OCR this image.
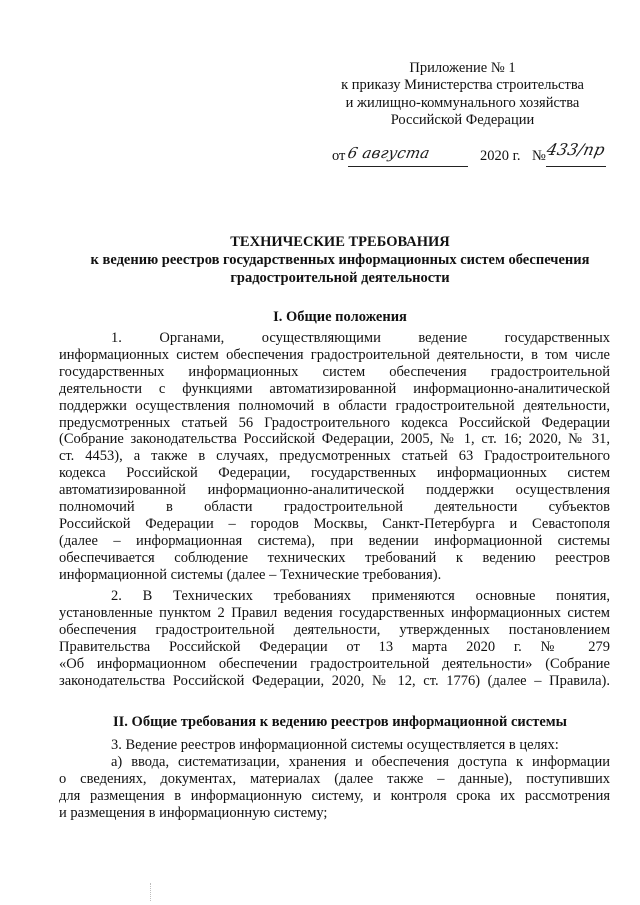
Приложение № 1
к приказу Министерства строительства
и жилищно-коммунального хозяйства
Российской Федерации
от 6 августа	2020 г. № 433/пр
ТЕХНИЧЕСКИЕ ТРЕБОВАНИЯ
к ведению реестров государственных информационных систем обеспечения
градостроительной деятельности
I. Общие положения
1. Органами, осуществляющими ведение государственных
информационных систем обеспечения градостроительной деятельности, в том числе
государственных информационных систем обеспечения градостроительной
деятельности с функциями автоматизированной информационно-аналитической
поддержки осуществления полномочий в области градостроительной деятельности,
предусмотренных статьей 56 Градостроительного кодекса Российской Федерации
(Собрание законодательства Российской Федерации, 2005, № 1, ст. 16; 2020, № 31,
ст. 4453), а также в случаях, предусмотренных статьей 63 Градостроительного
кодекса Российской Федерации, государственных информационных систем
автоматизированной информационно-аналитической поддержки осуществления
полномочий в области градостроительной деятельности субъектов
Российской Федерации – городов Москвы, Санкт-Петербурга и Севастополя
(далее – информационная система), при ведении информационной системы
обеспечивается соблюдение технических требований к ведению реестров
информационной системы (далее – Технические требования).
2. В Технических требованиях применяются основные понятия,
установленные пунктом 2 Правил ведения государственных информационных систем
обеспечения градостроительной деятельности, утвержденных постановлением
Правительства Российской Федерации от 13 марта 2020 г. № 279
«Об информационном обеспечении градостроительной деятельности» (Собрание
законодательства Российской Федерации, 2020, № 12, ст. 1776) (далее – Правила).
II. Общие требования к ведению реестров информационной системы
3. Ведение реестров информационной системы осуществляется в целях:
а) ввода, систематизации, хранения и обеспечения доступа к информации
о сведениях, документах, материалах (далее также – данные), поступивших
для размещения в информационную систему, и контроля срока их рассмотрения
и размещения в информационную систему;
